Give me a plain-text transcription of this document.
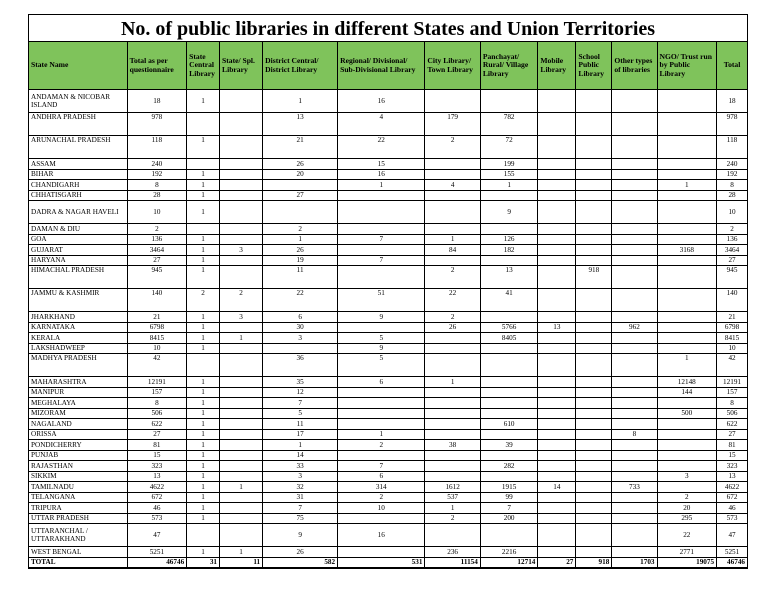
No. of public libraries in different States and Union Territories
State Name	Total as per questionnaire	State Central Library	State/ Spl. Library	District Central/ District Library	Regional/ Divisional/ Sub-Divisional Library	City Library/ Town Library	Panchayat/ Rural/ Village Library	Mobile Library	School Public Library	Other types of libraries	NGO/ Trust run by Public Library	Total
ANDAMAN & NICOBAR ISLAND	18	1		1	16							18
ANDHRA PRADESH	978			13	4	179	782					978
ARUNACHAL PRADESH	118	1		21	22	2	72					118
ASSAM	240			26	15		199					240
BIHAR	192	1		20	16		155					192
CHANDIGARH	8	1			1	4	1				1	8
CHHATISGARH	28	1		27								28
DADRA & NAGAR HAVELI	10	1					9					10
DAMAN & DIU	2			2								2
GOA	136	1		1	7	1	126					136
GUJARAT	3464	1	3	26		84	182				3168	3464
HARYANA	27	1		19	7							27
HIMACHAL PRADESH	945	1		11		2	13		918			945
JAMMU & KASHMIR	140	2	2	22	51	22	41					140
JHARKHAND	21	1	3	6	9	2						21
KARNATAKA	6798	1		30		26	5766	13		962		6798
KERALA	8415	1	1	3	5		8405					8415
LAKSHADWEEP	10	1			9							10
MADHYA PRADESH	42			36	5						1	42
MAHARASHTRA	12191	1		35	6	1					12148	12191
MANIPUR	157	1		12							144	157
MEGHALAYA	8	1		7								8
MIZORAM	506	1		5							500	506
NAGALAND	622	1		11			610					622
ORISSA	27	1		17	1					8		27
PONDICHERRY	81	1		1	2	38	39					81
PUNJAB	15	1		14								15
RAJASTHAN	323	1		33	7		282					323
SIKKIM	13	1		3	6						3	13
TAMILNADU	4622	1	1	32	314	1612	1915	14		733		4622
TELANGANA	672	1		31	2	537	99				2	672
TRIPURA	46	1		7	10	1	7				20	46
UTTAR PRADESH	573	1		75		2	200				295	573
UTTARANCHAL / UTTARAKHAND	47			9	16						22	47
WEST BENGAL	5251	1	1	26		236	2216				2771	5251
TOTAL	46746	31	11	582	531	11154	12714	27	918	1703	19075	46746
